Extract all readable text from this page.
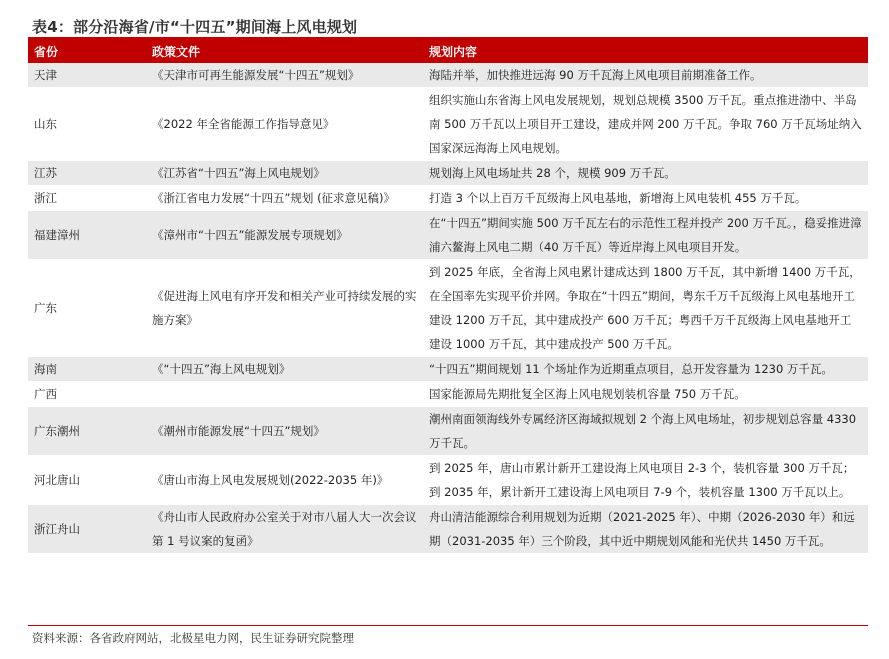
表4：部分沿海省/市“十四五”期间海上风电规划
省份	政策文件	规划内容
天津	《天津市可再生能源发展“十四五”规划》	海陆并举，加快推进远海 90 万千瓦海上风电项目前期准备工作。
山东	《2022 年全省能源工作指导意见》	组织实施山东省海上风电发展规划，规划总规模 3500 万千瓦。重点推进渤中、半岛南 500 万千瓦以上项目开工建设，建成并网 200 万千瓦。争取 760 万千瓦场址纳入国家深远海海上风电规划。
江苏	《江苏省“十四五”海上风电规划》	规划海上风电场址共 28 个，规模 909 万千瓦。
浙江	《浙江省电力发展“十四五”规划 (征求意见稿)》	打造 3 个以上百万千瓦级海上风电基地，新增海上风电装机 455 万千瓦。
福建漳州	《漳州市“十四五”能源发展专项规划》	在“十四五”期间实施 500 万千瓦左右的示范性工程并投产 200 万千瓦。，稳妥推进漳浦六鳌海上风电二期（40 万千瓦）等近岸海上风电项目开发。
广东	《促进海上风电有序开发和相关产业可持续发展的实施方案》	到 2025 年底，全省海上风电累计建成达到 1800 万千瓦，其中新增 1400 万千瓦，在全国率先实现平价并网。争取在“十四五”期间，粤东千万千瓦级海上风电基地开工建设 1200 万千瓦，其中建成投产 600 万千瓦；粤西千万千瓦级海上风电基地开工建设 1000 万千瓦，其中建成投产 500 万千瓦。
海南	《“十四五”海上风电规划》	“十四五”期间规划 11 个场址作为近期重点项目，总开发容量为 1230 万千瓦。
广西		国家能源局先期批复全区海上风电规划装机容量 750 万千瓦。
广东潮州	《潮州市能源发展“十四五”规划》	潮州南面领海线外专属经济区海域拟规划 2 个海上风电场址，初步规划总容量 4330 万千瓦。
河北唐山	《唐山市海上风电发展规划(2022-2035 年)》	到 2025 年，唐山市累计新开工建设海上风电项目 2-3 个，装机容量 300 万千瓦；到 2035 年，累计新开工建设海上风电项目 7-9 个，装机容量 1300 万千瓦以上。
浙江舟山	《舟山市人民政府办公室关于对市八届人大一次会议第 1 号议案的复函》	舟山清洁能源综合利用规划为近期（2021-2025 年）、中期（2026-2030 年）和远期（2031-2035 年）三个阶段，其中近中期规划风能和光伏共 1450 万千瓦。
资料来源：各省政府网站，北极星电力网，民生证券研究院整理
